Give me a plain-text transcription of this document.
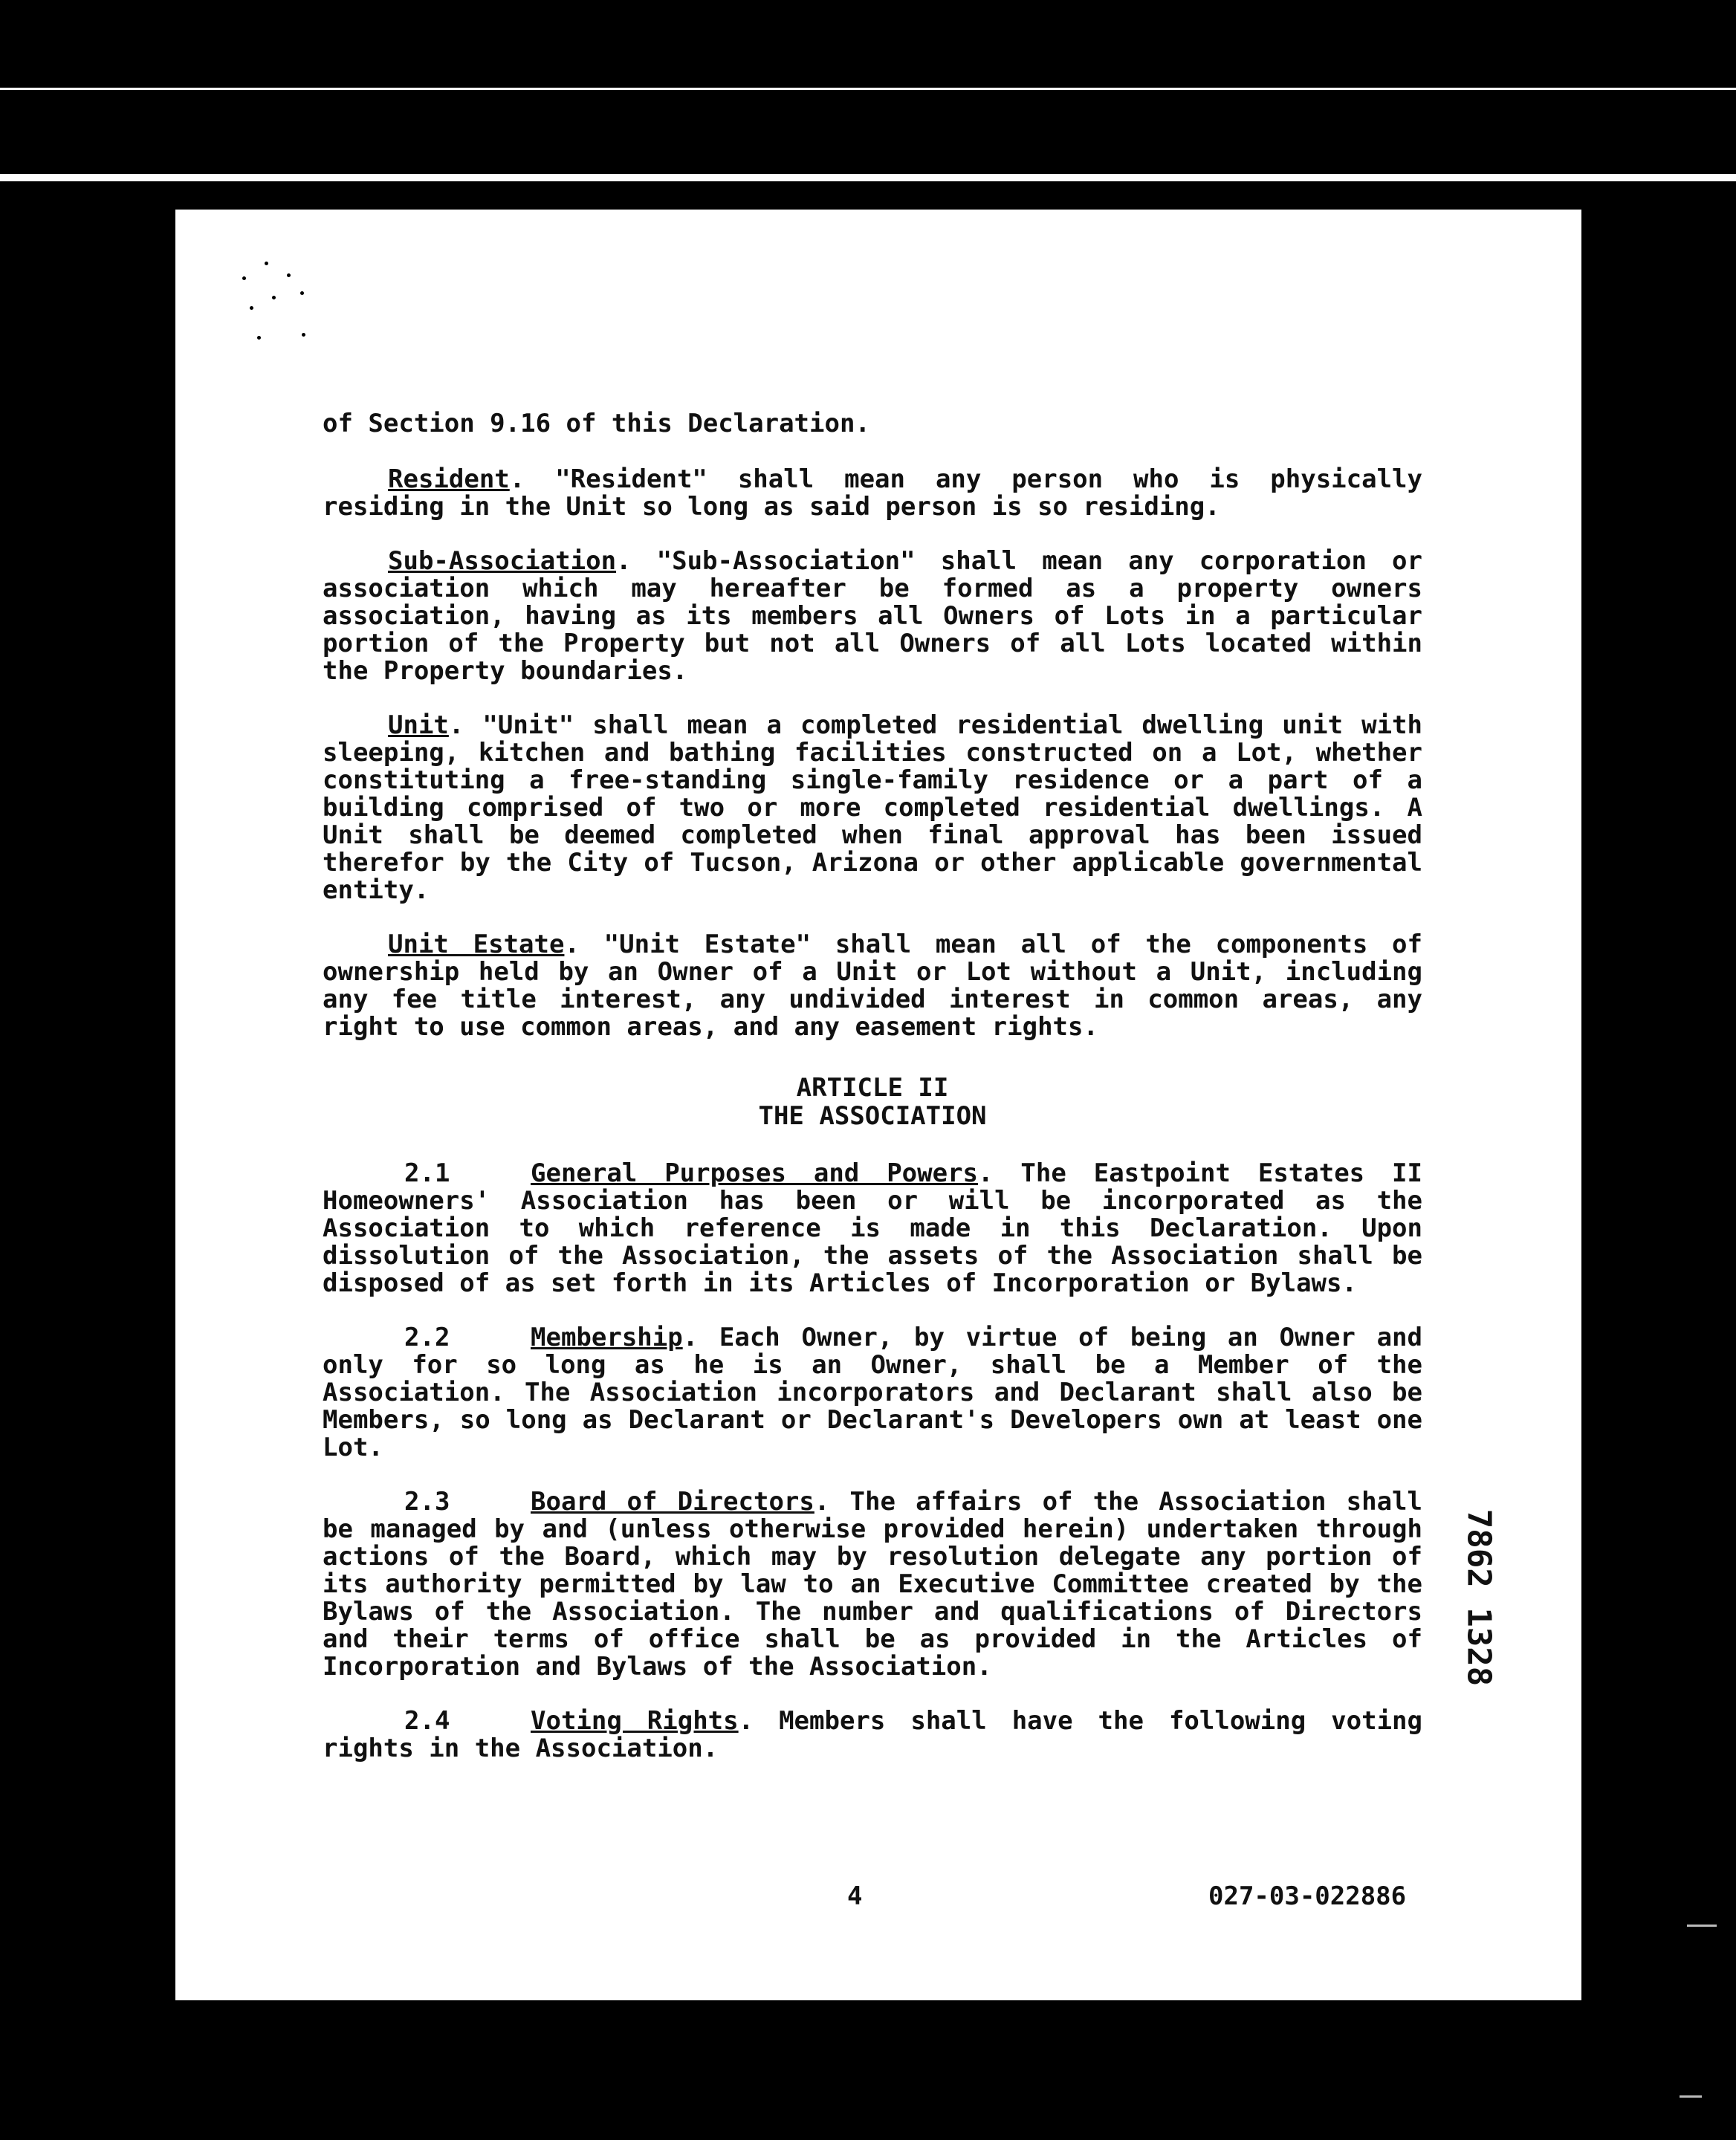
of Section 9.16 of this Declaration.

Resident. "Resident" shall mean any person who is physically residing in the Unit so long as said person is so residing.

Sub-Association. "Sub-Association" shall mean any corporation or association which may hereafter be formed as a property owners association, having as its members all Owners of Lots in a particular portion of the Property but not all Owners of all Lots located within the Property boundaries.

Unit. "Unit" shall mean a completed residential dwelling unit with sleeping, kitchen and bathing facilities constructed on a Lot, whether constituting a free-standing single-family residence or a part of a building comprised of two or more completed residential dwellings. A Unit shall be deemed completed when final approval has been issued therefor by the City of Tucson, Arizona or other applicable governmental entity.

Unit Estate. "Unit Estate" shall mean all of the components of ownership held by an Owner of a Unit or Lot without a Unit, including any fee title interest, any undivided interest in common areas, any right to use common areas, and any easement rights.

ARTICLE II
THE ASSOCIATION

2.1	General Purposes and Powers. The Eastpoint Estates II Homeowners' Association has been or will be incorporated as the Association to which reference is made in this Declaration. Upon dissolution of the Association, the assets of the Association shall be disposed of as set forth in its Articles of Incorporation or Bylaws.

2.2	Membership. Each Owner, by virtue of being an Owner and only for so long as he is an Owner, shall be a Member of the Association. The Association incorporators and Declarant shall also be Members, so long as Declarant or Declarant's Developers own at least one Lot.

2.3	Board of Directors. The affairs of the Association shall be managed by and (unless otherwise provided herein) undertaken through actions of the Board, which may by resolution delegate any portion of its authority permitted by law to an Executive Committee created by the Bylaws of the Association. The number and qualifications of Directors and their terms of office shall be as provided in the Articles of Incorporation and Bylaws of the Association.

2.4	Voting Rights. Members shall have the following voting rights in the Association.

4	027-03-022886
7862 1328
